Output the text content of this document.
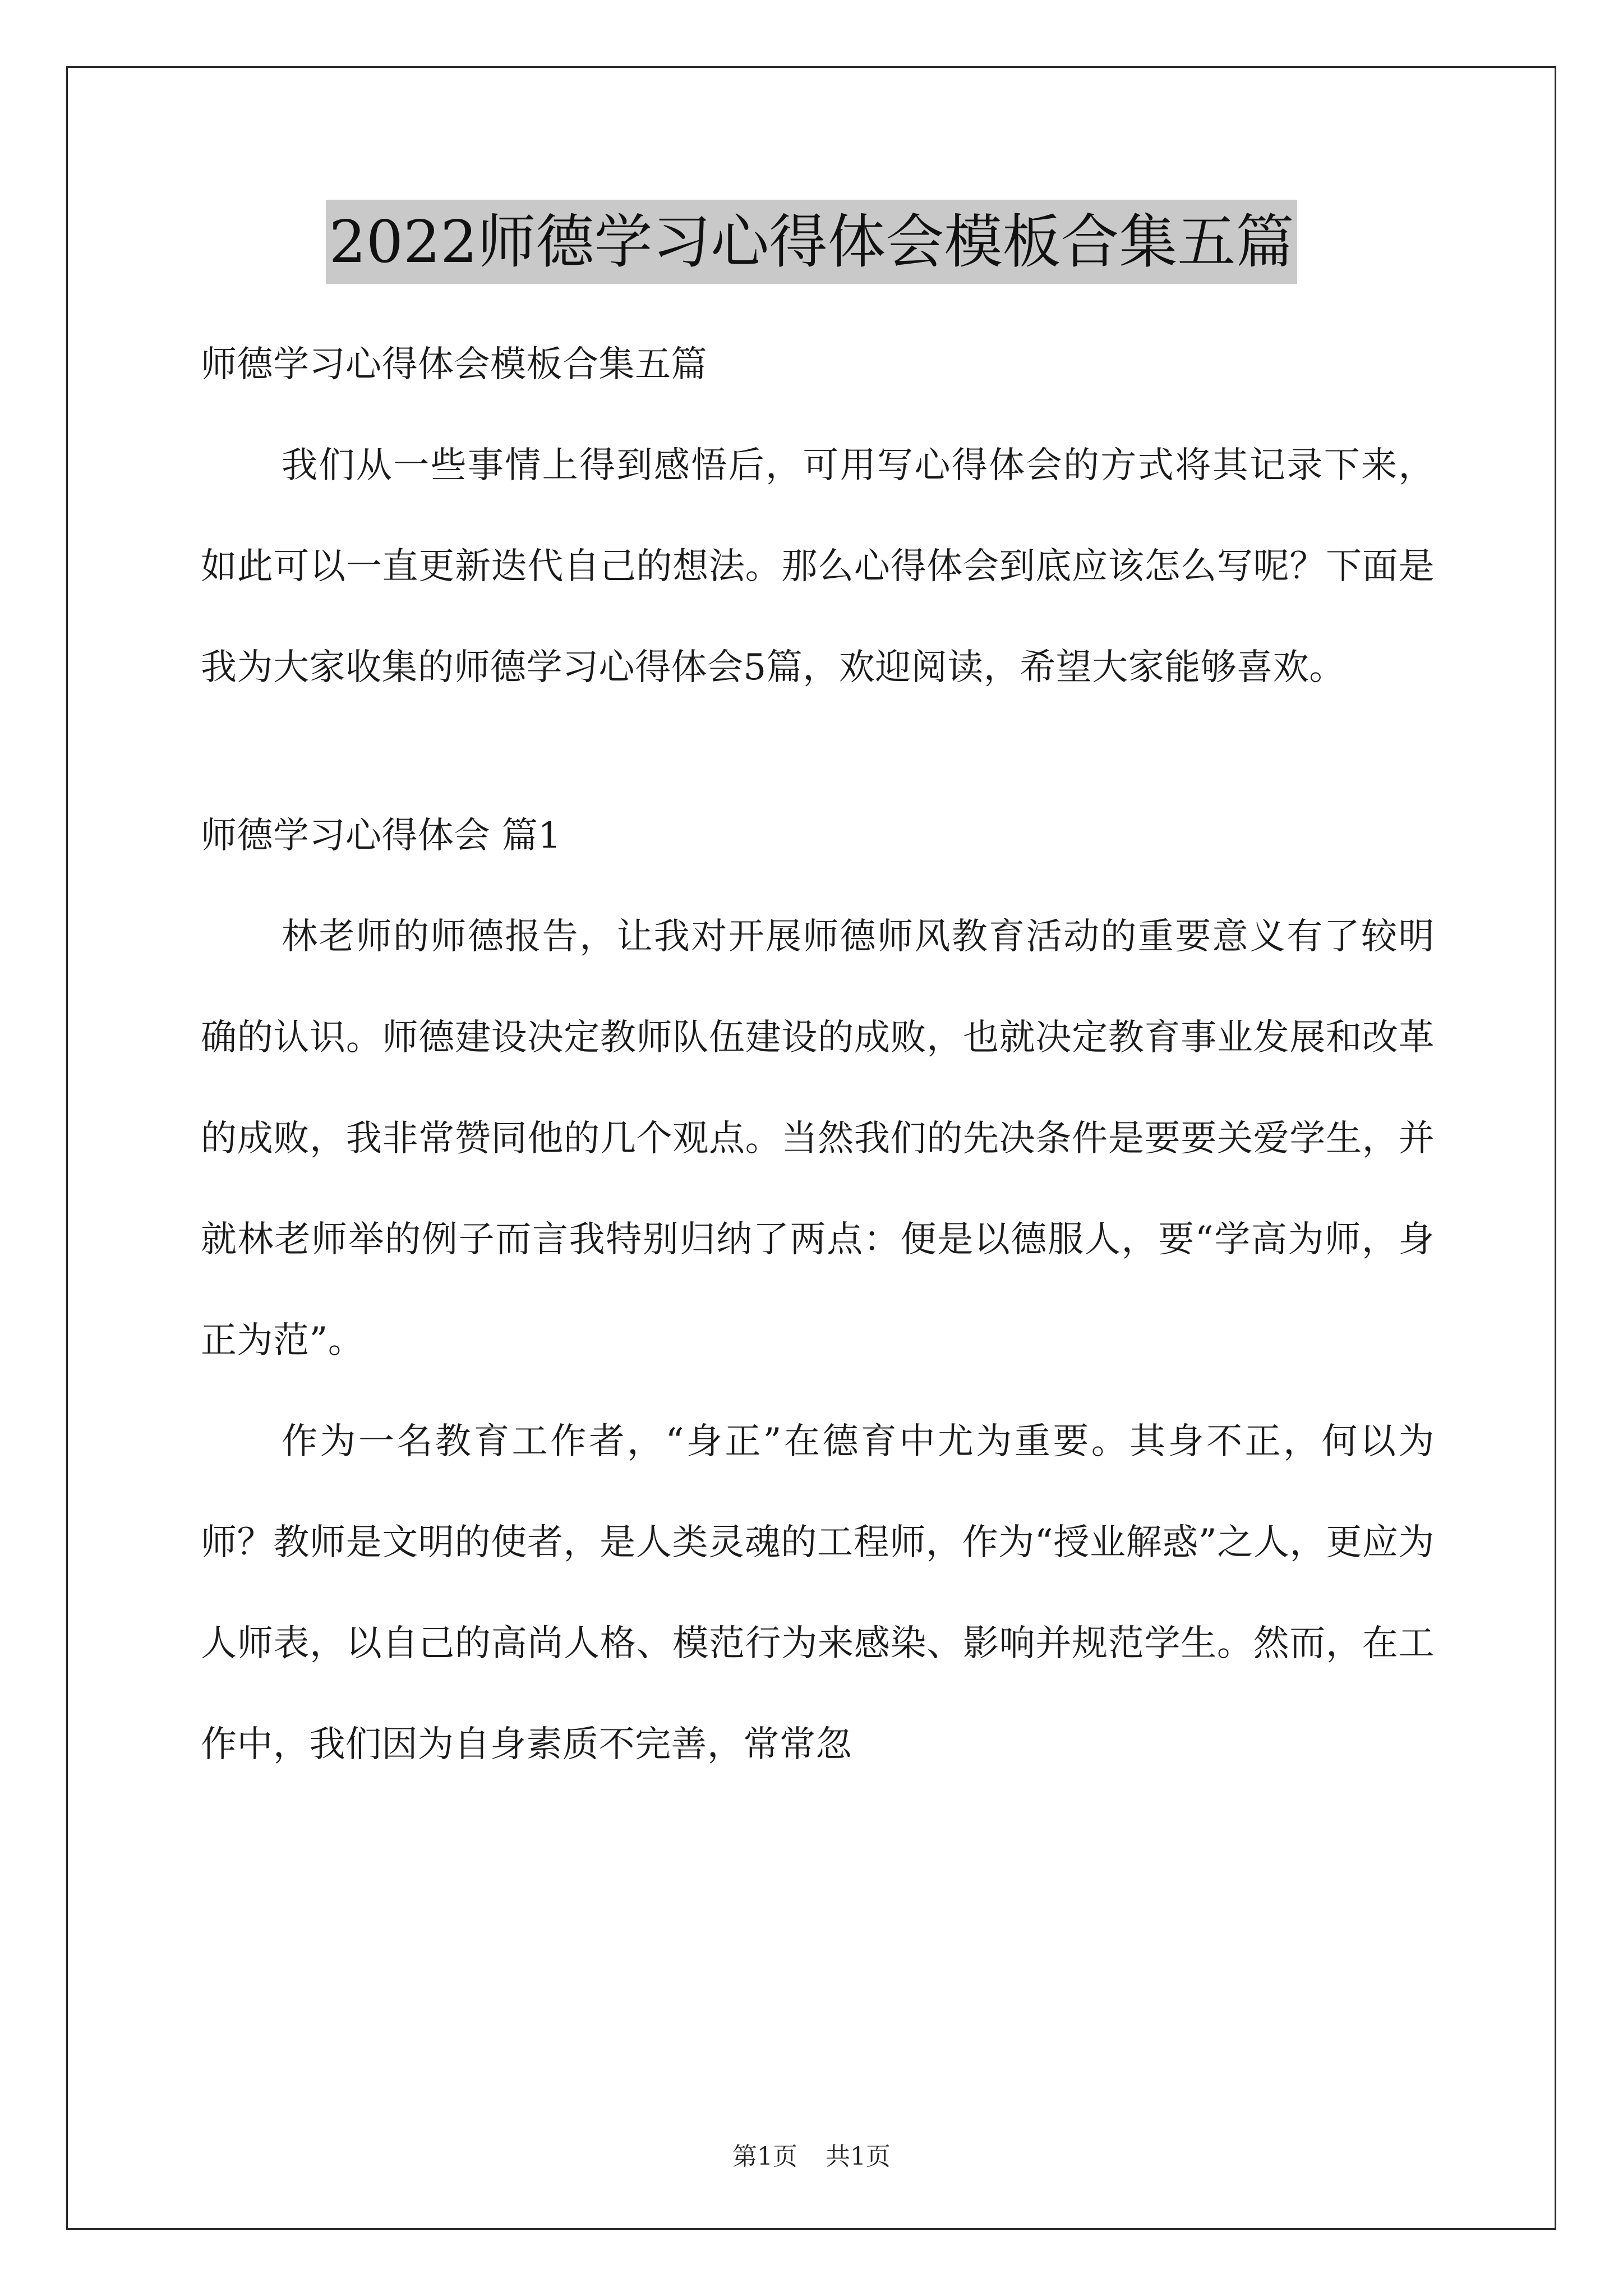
2022师德学习心得体会模板合集五篇

师德学习心得体会模板合集五篇

我们从一些事情上得到感悟后，可用写心得体会的方式将其记录下来，如此可以一直更新迭代自己的想法。那么心得体会到底应该怎么写呢？下面是我为大家收集的师德学习心得体会5篇，欢迎阅读，希望大家能够喜欢。

师德学习心得体会 篇1

林老师的师德报告，让我对开展师德师风教育活动的重要意义有了较明确的认识。师德建设决定教师队伍建设的成败，也就决定教育事业发展和改革的成败，我非常赞同他的几个观点。当然我们的先决条件是要要关爱学生，并就林老师举的例子而言我特别归纳了两点：便是以德服人，要“学高为师，身正为范”。

作为一名教育工作者，“身正”在德育中尤为重要。其身不正，何以为师？教师是文明的使者，是人类灵魂的工程师，作为“授业解惑”之人，更应为人师表，以自己的高尚人格、模范行为来感染、影响并规范学生。然而，在工作中，我们因为自身素质不完善，常常忽

第1页 共1页
